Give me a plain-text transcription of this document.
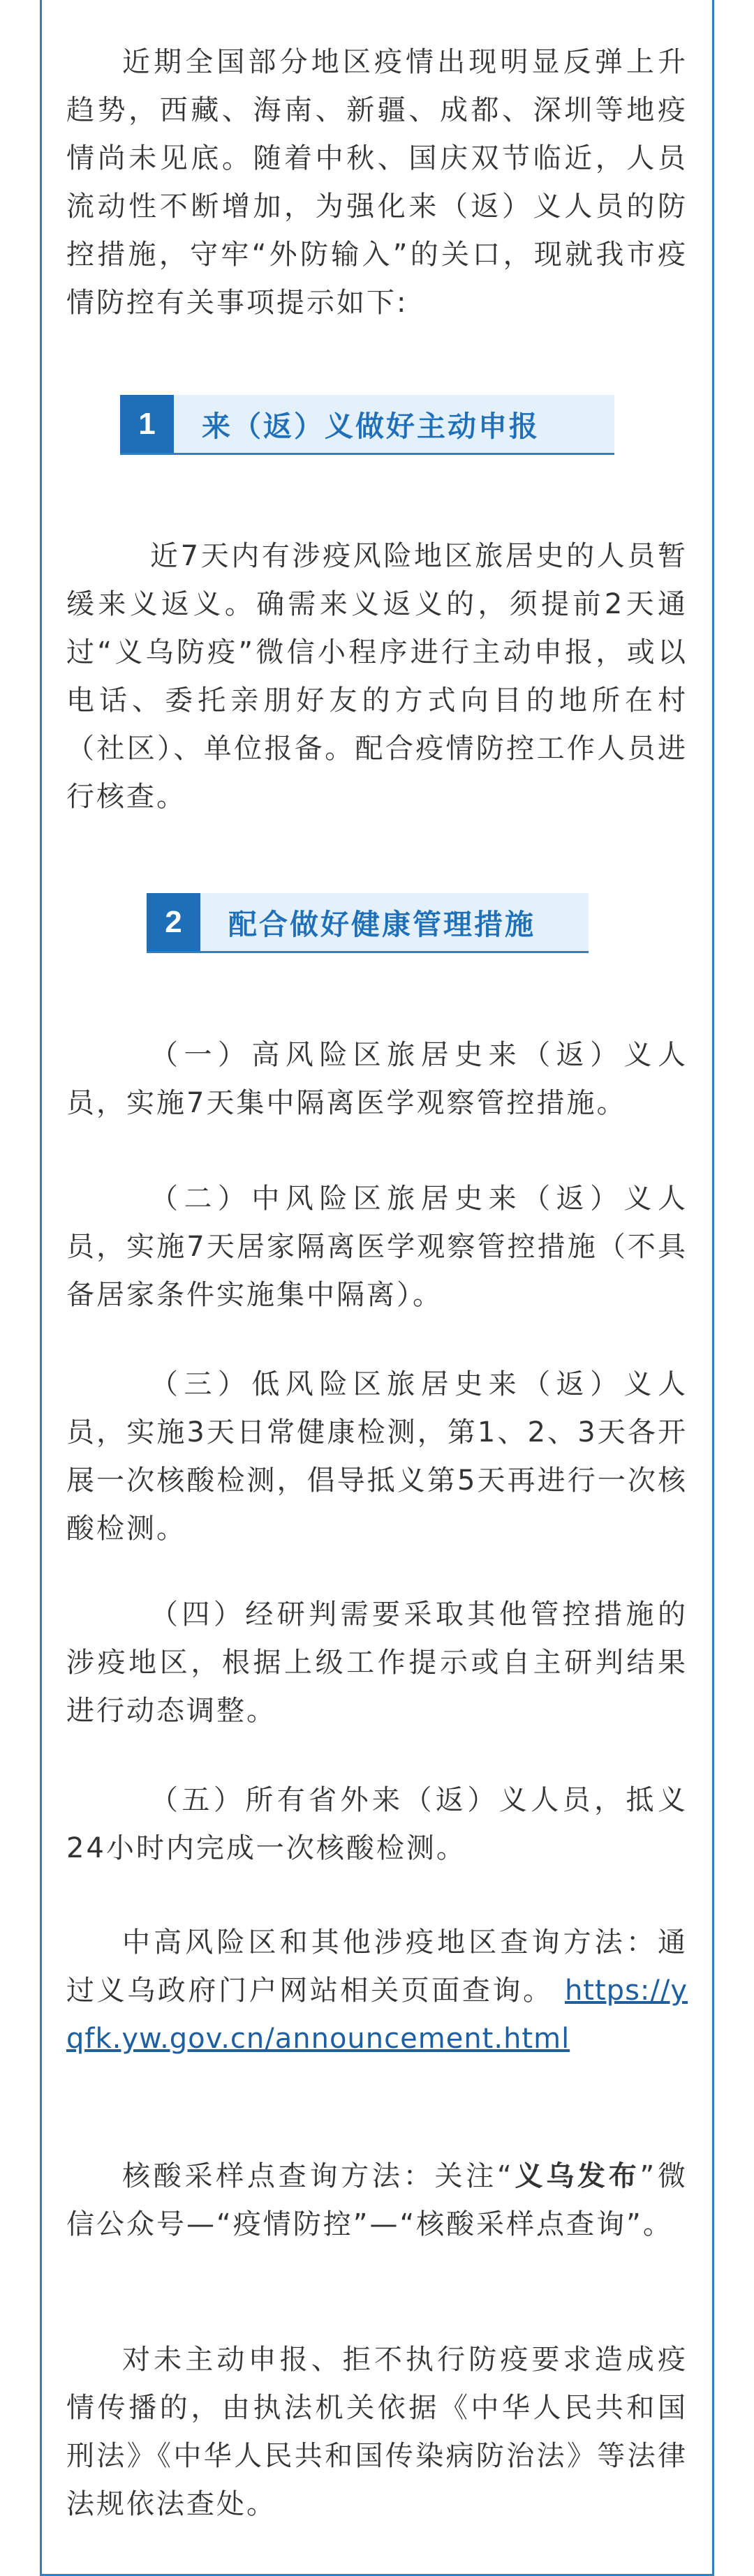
近期全国部分地区疫情出现明显反弹上升趋势，西藏、海南、新疆、成都、深圳等地疫情尚未见底。随着中秋、国庆双节临近，人员流动性不断增加，为强化来（返）义人员的防控措施，守牢“外防输入”的关口，现就我市疫情防控有关事项提示如下:

1	来（返）义做好主动申报

近7天内有涉疫风险地区旅居史的人员暂缓来义返义。确需来义返义的，须提前2天通过“义乌防疫”微信小程序进行主动申报，或以电话、委托亲朋好友的方式向目的地所在村（社区）、单位报备。配合疫情防控工作人员进行核查。

2	配合做好健康管理措施

（一）高风险区旅居史来（返）义人员，实施7天集中隔离医学观察管控措施。

（二）中风险区旅居史来（返）义人员，实施7天居家隔离医学观察管控措施（不具备居家条件实施集中隔离）。

（三）低风险区旅居史来（返）义人员，实施3天日常健康检测，第1、2、3天各开展一次核酸检测，倡导抵义第5天再进行一次核酸检测。

（四）经研判需要采取其他管控措施的涉疫地区，根据上级工作提示或自主研判结果进行动态调整。

（五）所有省外来（返）义人员，抵义24小时内完成一次核酸检测。

中高风险区和其他涉疫地区查询方法：通过义乌政府门户网站相关页面查询。 https://yqfk.yw.gov.cn/announcement.html

核酸采样点查询方法：关注“义乌发布”微信公众号—“疫情防控”—“核酸采样点查询”。

对未主动申报、拒不执行防疫要求造成疫情传播的，由执法机关依据《中华人民共和国刑法》《中华人民共和国传染病防治法》等法律法规依法查处。
